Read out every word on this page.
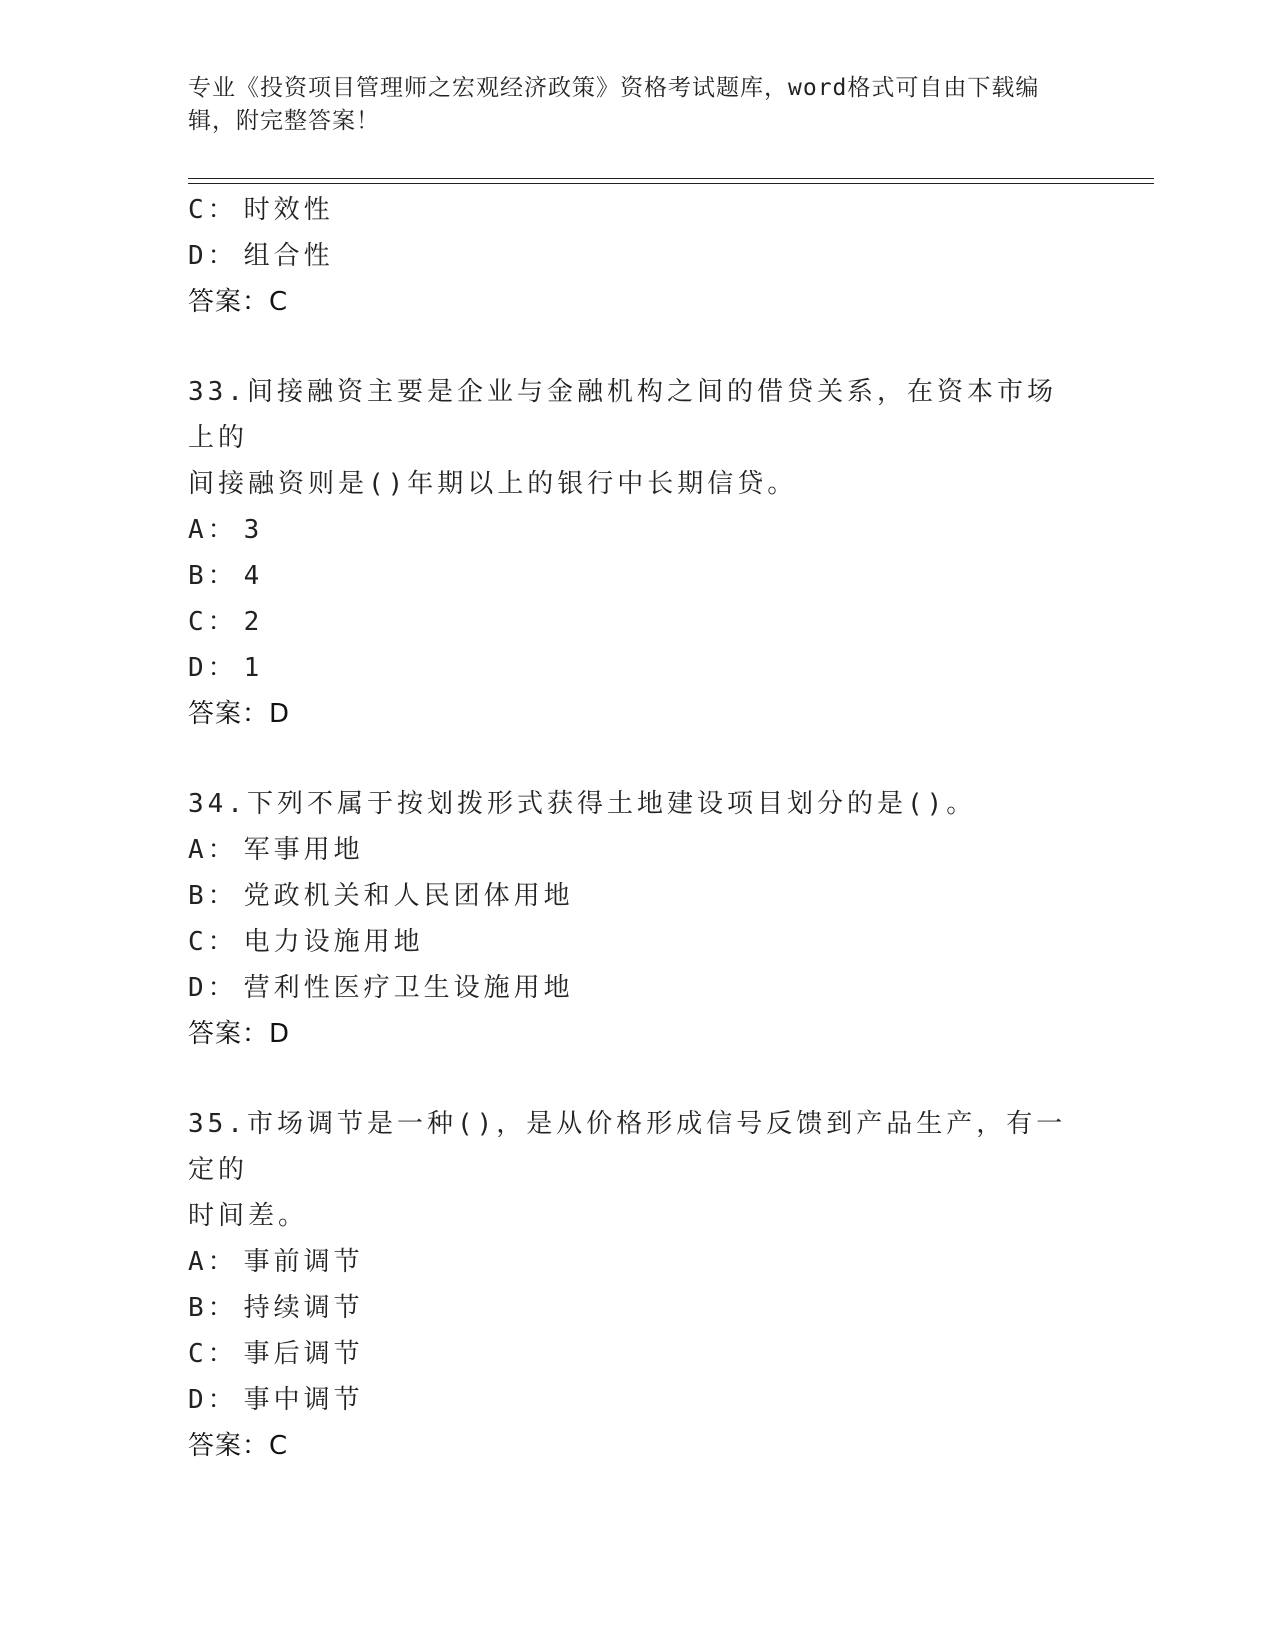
专业《投资项目管理师之宏观经济政策》资格考试题库，word格式可自由下载编
辑，附完整答案！
C： 时效性
D： 组合性
答案：C
33.间接融资主要是企业与金融机构之间的借贷关系，在资本市场上的
间接融资则是()年期以上的银行中长期信贷。
A： 3
B： 4
C： 2
D： 1
答案：D
34.下列不属于按划拨形式获得土地建设项目划分的是()。
A： 军事用地
B： 党政机关和人民团体用地
C： 电力设施用地
D： 营利性医疗卫生设施用地
答案：D
35.市场调节是一种()，是从价格形成信号反馈到产品生产，有一定的
时间差。
A： 事前调节
B： 持续调节
C： 事后调节
D： 事中调节
答案：C
